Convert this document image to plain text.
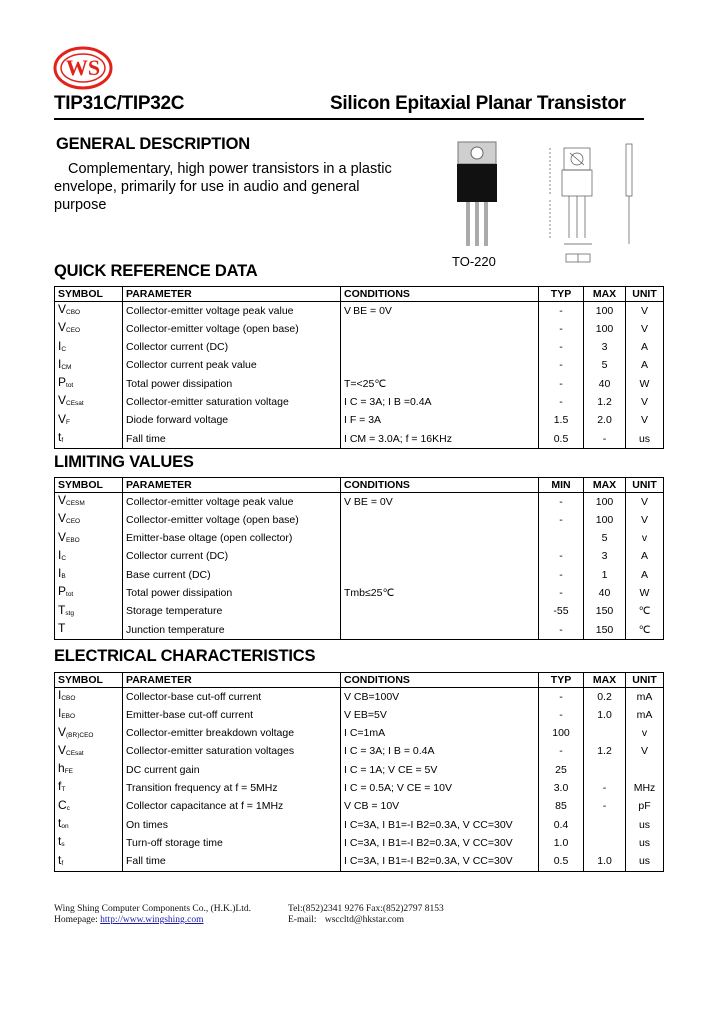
WS
TIP31C/TIP32C	Silicon Epitaxial Planar Transistor
GENERAL DESCRIPTION
Complementary, high power transistors in a plastic
envelope, primarily for use in audio and general
purpose
TO-220
QUICK REFERENCE DATA
SYMBOL	PARAMETER	CONDITIONS	TYP	MAX	UNIT
$V_{CBO}$	Collector-emitter voltage peak value	V BE = 0V	-	100	V
$V_{CEO}$	Collector-emitter voltage (open base)		-	100	V
$I_C$	Collector current (DC)		-	3	A
$I_{CM}$	Collector current peak value		-	5	A
$P_{tot}$	Total power dissipation	T=<25℃	-	40	W
$V_{CEsat}$	Collector-emitter saturation voltage	I C = 3A; I B =0.4A	-	1.2	V
$V_F$	Diode forward voltage	I F = 3A	1.5	2.0	V
$t_f$	Fall time	I CM = 3.0A; f = 16KHz	0.5	-	us
LIMITING VALUES
SYMBOL	PARAMETER	CONDITIONS	MIN	MAX	UNIT
$V_{CESM}$	Collector-emitter voltage peak value	V BE = 0V	-	100	V
$V_{CEO}$	Collector-emitter voltage (open base)		-	100	V
$V_{EBO}$	Emitter-base oltage (open collector)			5	v
$I_C$	Collector current (DC)		-	3	A
$I_B$	Base current (DC)		-	1	A
$P_{tot}$	Total power dissipation	Tmb≤25℃	-	40	W
$T_{stg}$	Storage temperature		-55	150	℃
T	Junction temperature		-	150	℃
ELECTRICAL CHARACTERISTICS
SYMBOL	PARAMETER	CONDITIONS	TYP	MAX	UNIT
$I_{CBO}$	Collector-base cut-off current	V CB=100V	-	0.2	mA
$I_{EBO}$	Emitter-base cut-off current	V EB=5V	-	1.0	mA
$V_{(BR)CEO}$	Collector-emitter breakdown voltage	I C=1mA	100		v
$V_{CEsat}$	Collector-emitter saturation voltages	I C = 3A; I B = 0.4A	-	1.2	V
$h_{FE}$	DC current gain	I C = 1A; V CE = 5V	25		
$f_T$	Transition frequency at f = 5MHz	I C = 0.5A; V CE = 10V	3.0	-	MHz
$C_c$	Collector capacitance at f = 1MHz	V CB = 10V	85	-	pF
$t_{on}$	On times	I C=3A, I B1=-I B2=0.3A, V CC=30V	0.4		us
$t_s$	Turn-off storage time	I C=3A, I B1=-I B2=0.3A, V CC=30V	1.0		us
$t_f$	Fall time	I C=3A, I B1=-I B2=0.3A, V CC=30V	0.5	1.0	us
Wing Shing Computer Components Co., (H.K.)Ltd.	Tel:(852)2341 9276 Fax:(852)2797 8153
Homepage: http://www.wingshing.com	E-mail: wsccltd@hkstar.com
